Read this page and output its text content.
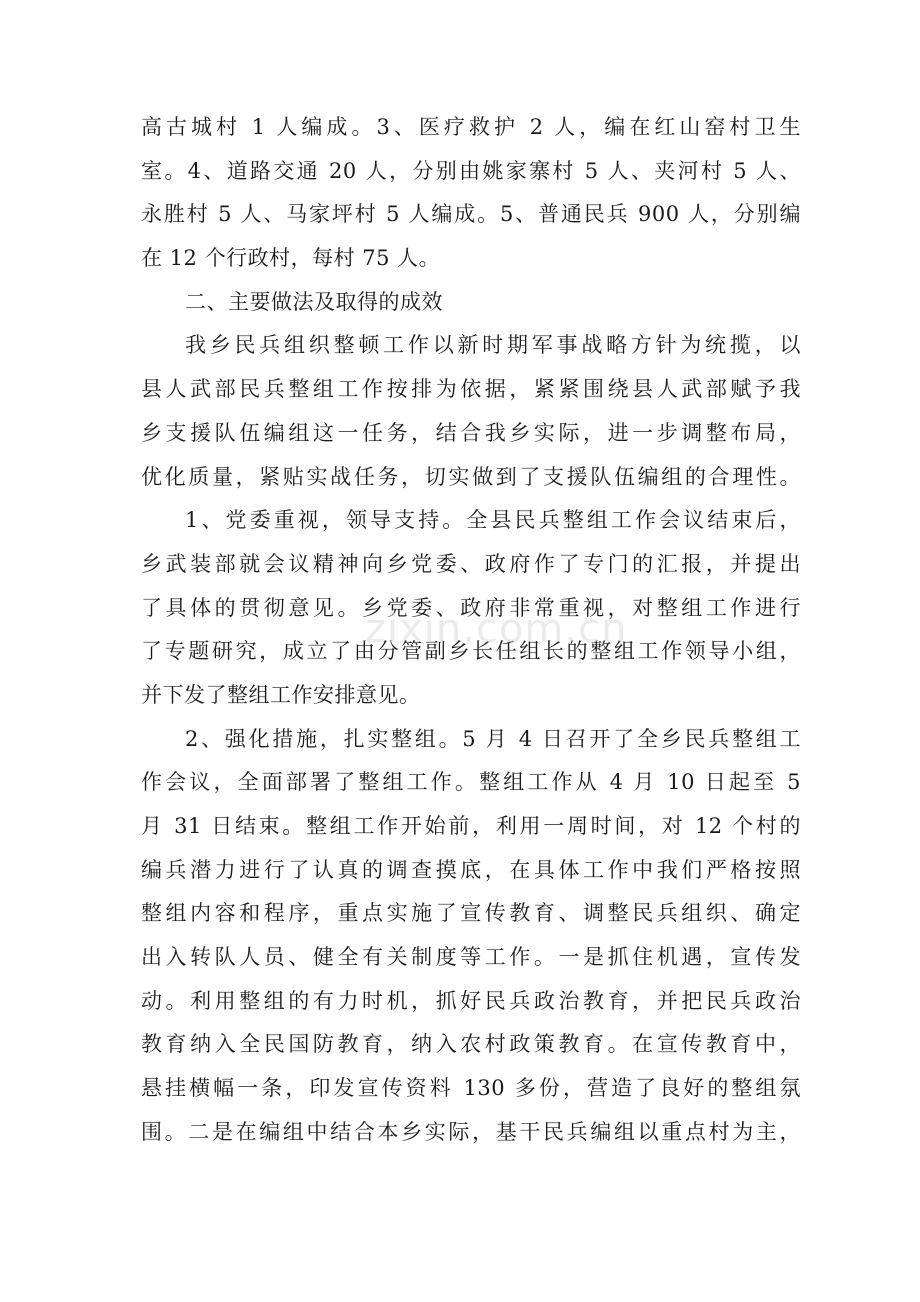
高古城村 1 人编成。3、医疗救护 2 人，编在红山窑村卫生
室。4、道路交通 20 人，分别由姚家寨村 5 人、夹河村 5 人、
永胜村 5 人、马家坪村 5 人编成。5、普通民兵 900 人，分别编
在 12 个行政村，每村 75 人。
二、主要做法及取得的成效
我乡民兵组织整顿工作以新时期军事战略方针为统揽，以
县人武部民兵整组工作按排为依据，紧紧围绕县人武部赋予我
乡支援队伍编组这一任务，结合我乡实际，进一步调整布局，
优化质量，紧贴实战任务，切实做到了支援队伍编组的合理性。
1、党委重视，领导支持。全县民兵整组工作会议结束后，
乡武装部就会议精神向乡党委、政府作了专门的汇报，并提出
了具体的贯彻意见。乡党委、政府非常重视，对整组工作进行
了专题研究，成立了由分管副乡长任组长的整组工作领导小组，
并下发了整组工作安排意见。
2、强化措施，扎实整组。5 月 4 日召开了全乡民兵整组工
作会议，全面部署了整组工作。整组工作从 4 月 10 日起至 5
月 31 日结束。整组工作开始前，利用一周时间，对 12 个村的
编兵潜力进行了认真的调查摸底，在具体工作中我们严格按照
整组内容和程序，重点实施了宣传教育、调整民兵组织、确定
出入转队人员、健全有关制度等工作。一是抓住机遇，宣传发
动。利用整组的有力时机，抓好民兵政治教育，并把民兵政治
教育纳入全民国防教育，纳入农村政策教育。在宣传教育中，
悬挂横幅一条，印发宣传资料 130 多份，营造了良好的整组氛
围。二是在编组中结合本乡实际，基干民兵编组以重点村为主，
zixin.com.cn
